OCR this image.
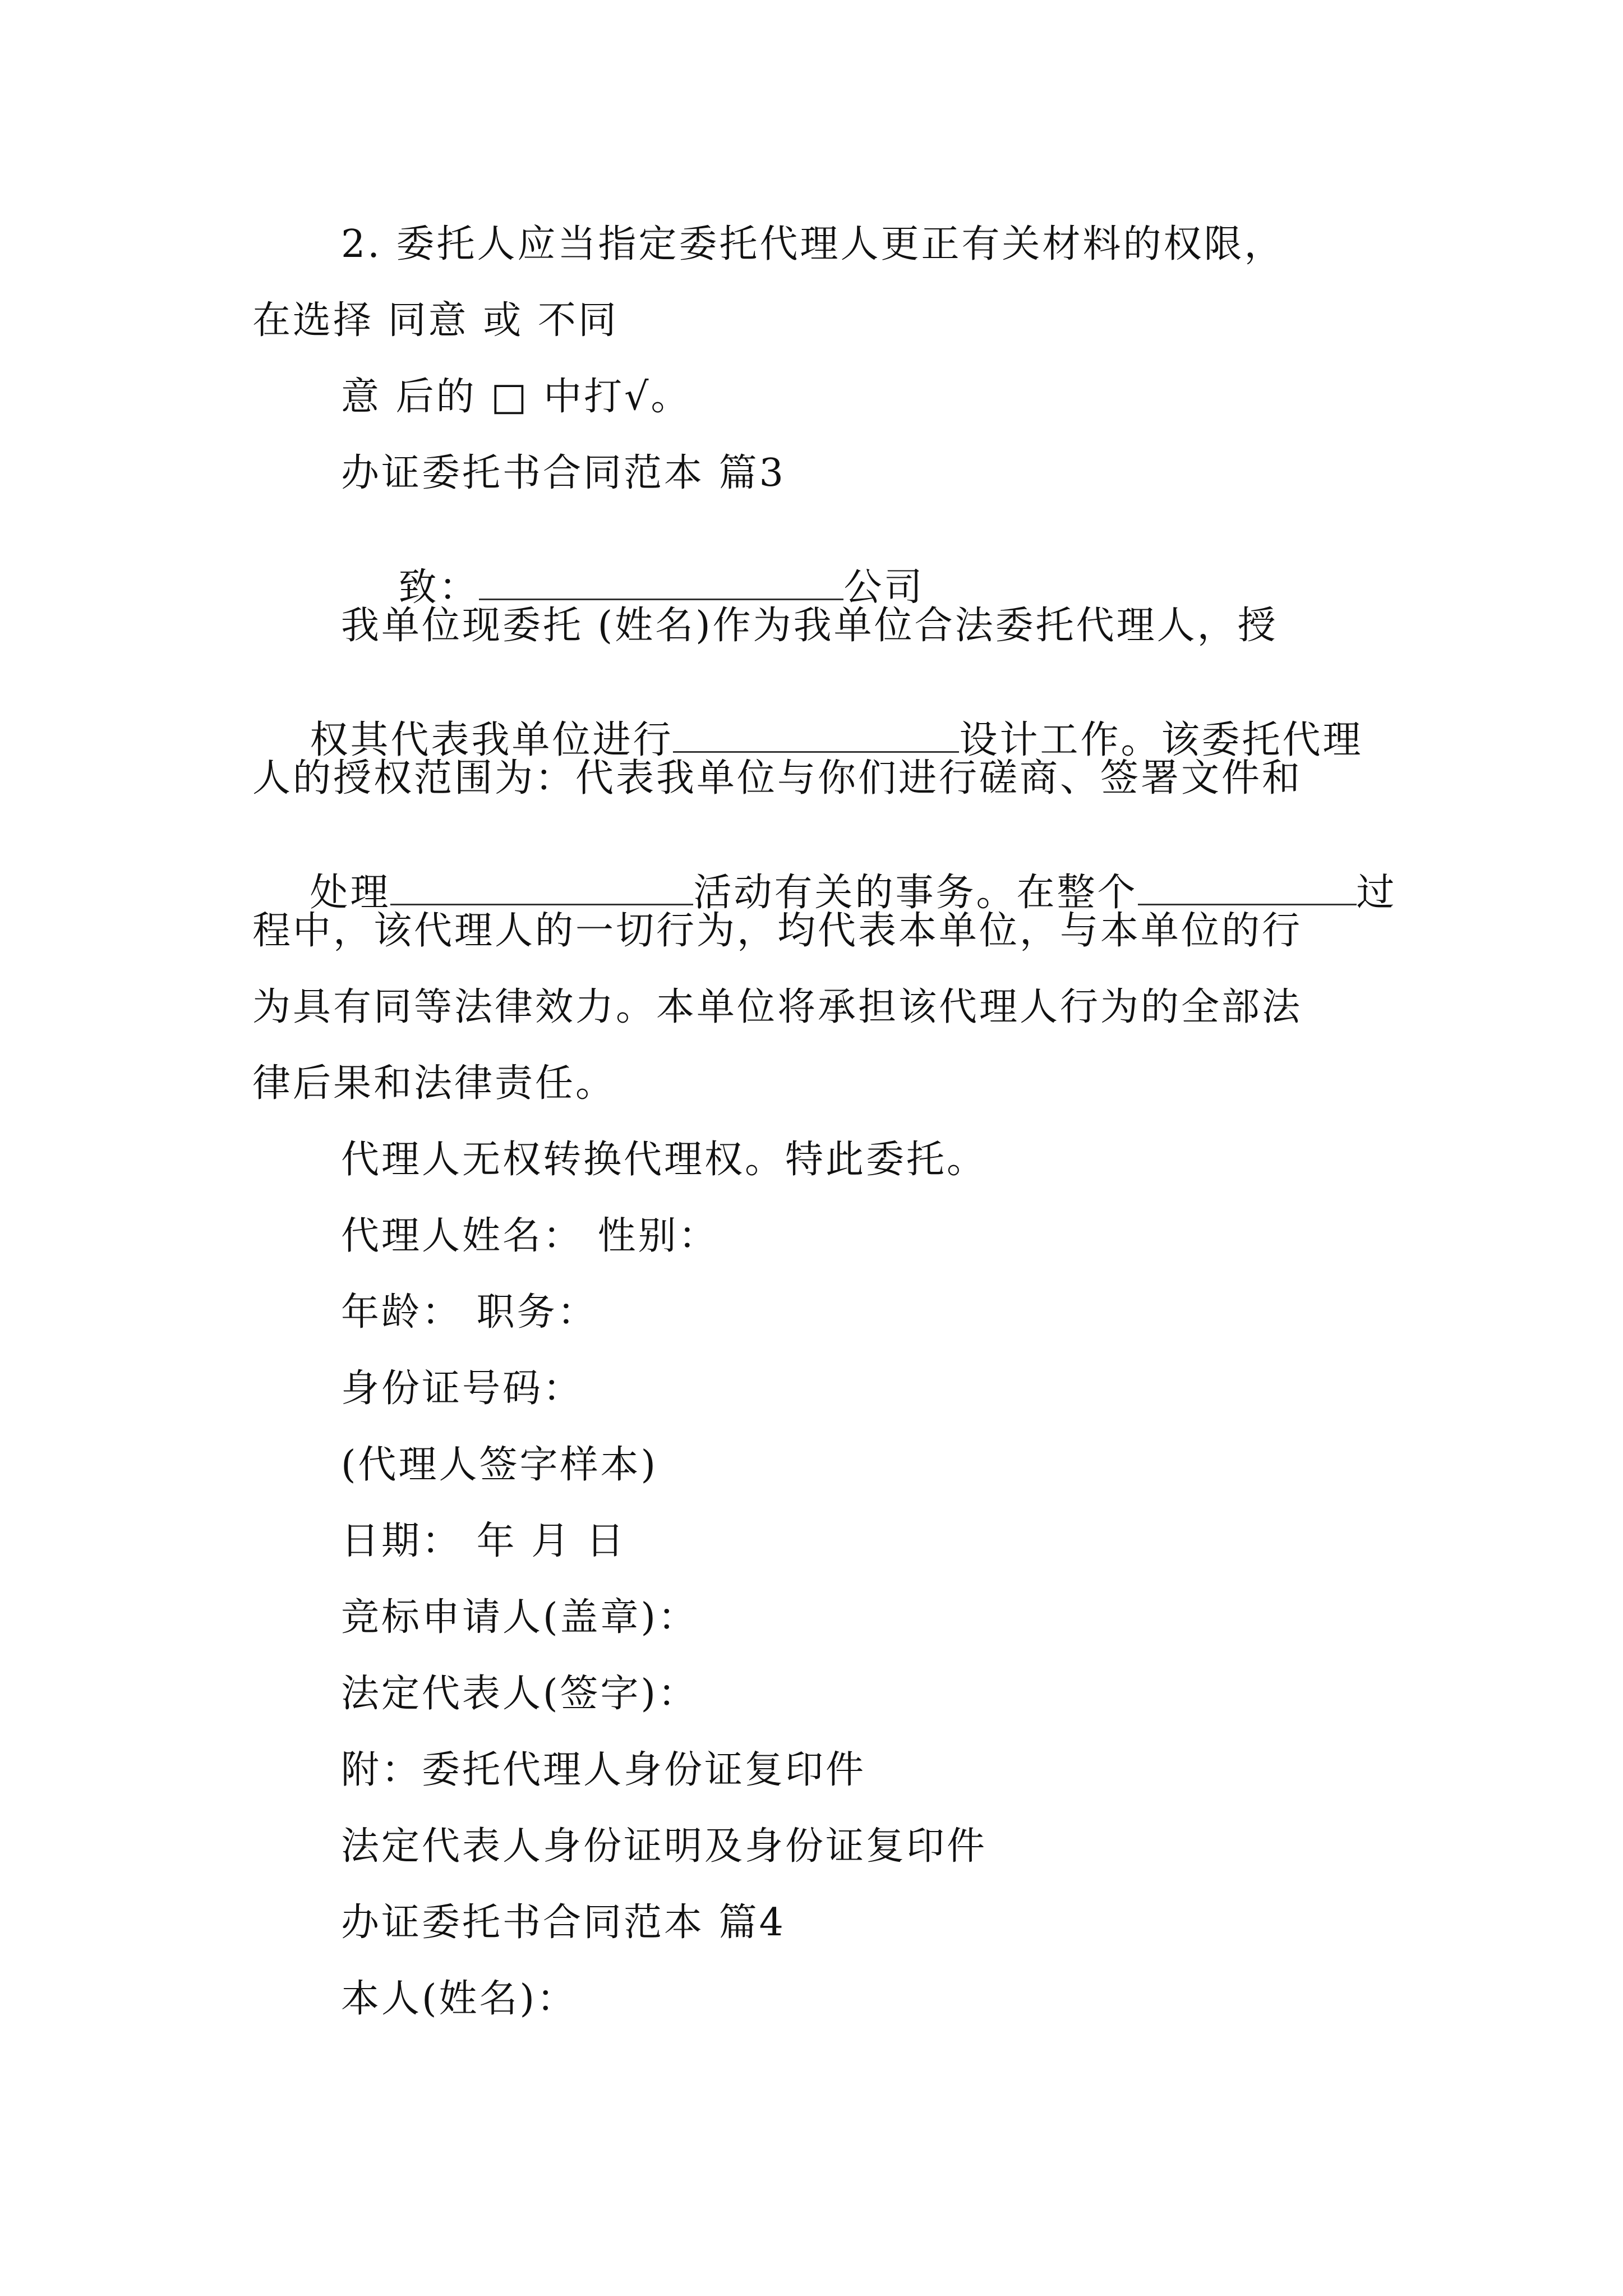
2. 委托人应当指定委托代理人更正有关材料的权限，
在选择 同意 或 不同
意 后的 □ 中打√。
办证委托书合同范本 篇3

致：	公司

我单位现委托 (姓名)作为我单位合法委托代理人，授

权其代表我单位进行	设计工作。该委托代理

人的授权范围为：代表我单位与你们进行磋商、签署文件和

处理	活动有关的事务。在整个	过

程中，该代理人的一切行为，均代表本单位，与本单位的行
为具有同等法律效力。本单位将承担该代理人行为的全部法
律后果和法律责任。
代理人无权转换代理权。特此委托。
代理人姓名： 性别：
年龄： 职务：
身份证号码：
(代理人签字样本)
日期： 年 月 日
竞标申请人(盖章)：
法定代表人(签字)：
附：委托代理人身份证复印件
法定代表人身份证明及身份证复印件
办证委托书合同范本 篇4
本人(姓名)：
